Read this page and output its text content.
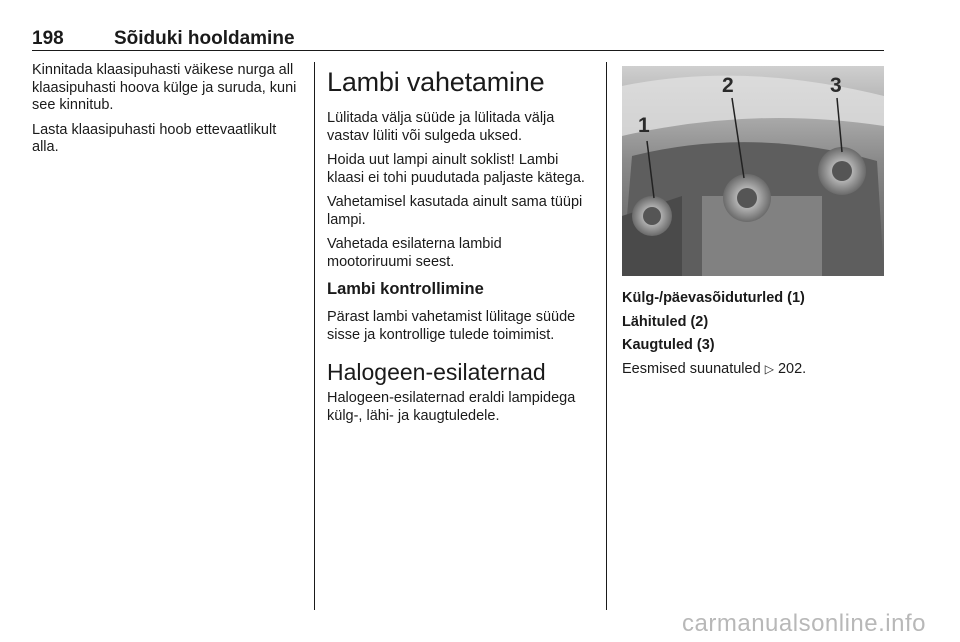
198	Sõiduki hooldamine

Kinnitada klaasipuhasti väikese nurga all klaasipuhasti hoova külge ja suruda, kuni see kinnitub.

Lasta klaasipuhasti hoob ettevaatlikult alla.

Lambi vahetamine

Lülitada välja süüde ja lülitada välja vastav lüliti või sulgeda uksed.

Hoida uut lampi ainult soklist! Lambi klaasi ei tohi puudutada paljaste kätega.

Vahetamisel kasutada ainult sama tüüpi lampi.

Vahetada esilaterna lambid mootoriruumi seest.

Lambi kontrollimine

Pärast lambi vahetamist lülitage süüde sisse ja kontrollige tulede toimimist.

Halogeen-esilaternad

Halogeen-esilaternad eraldi lampidega külg-, lähi- ja kaugtuledele.

1
2	3

Külg-/päevasõiduturled (1)

Lähituled (2)

Kaugtuled (3)

Eesmised suunatuled ▷ 202.

carmanualsonline.info
